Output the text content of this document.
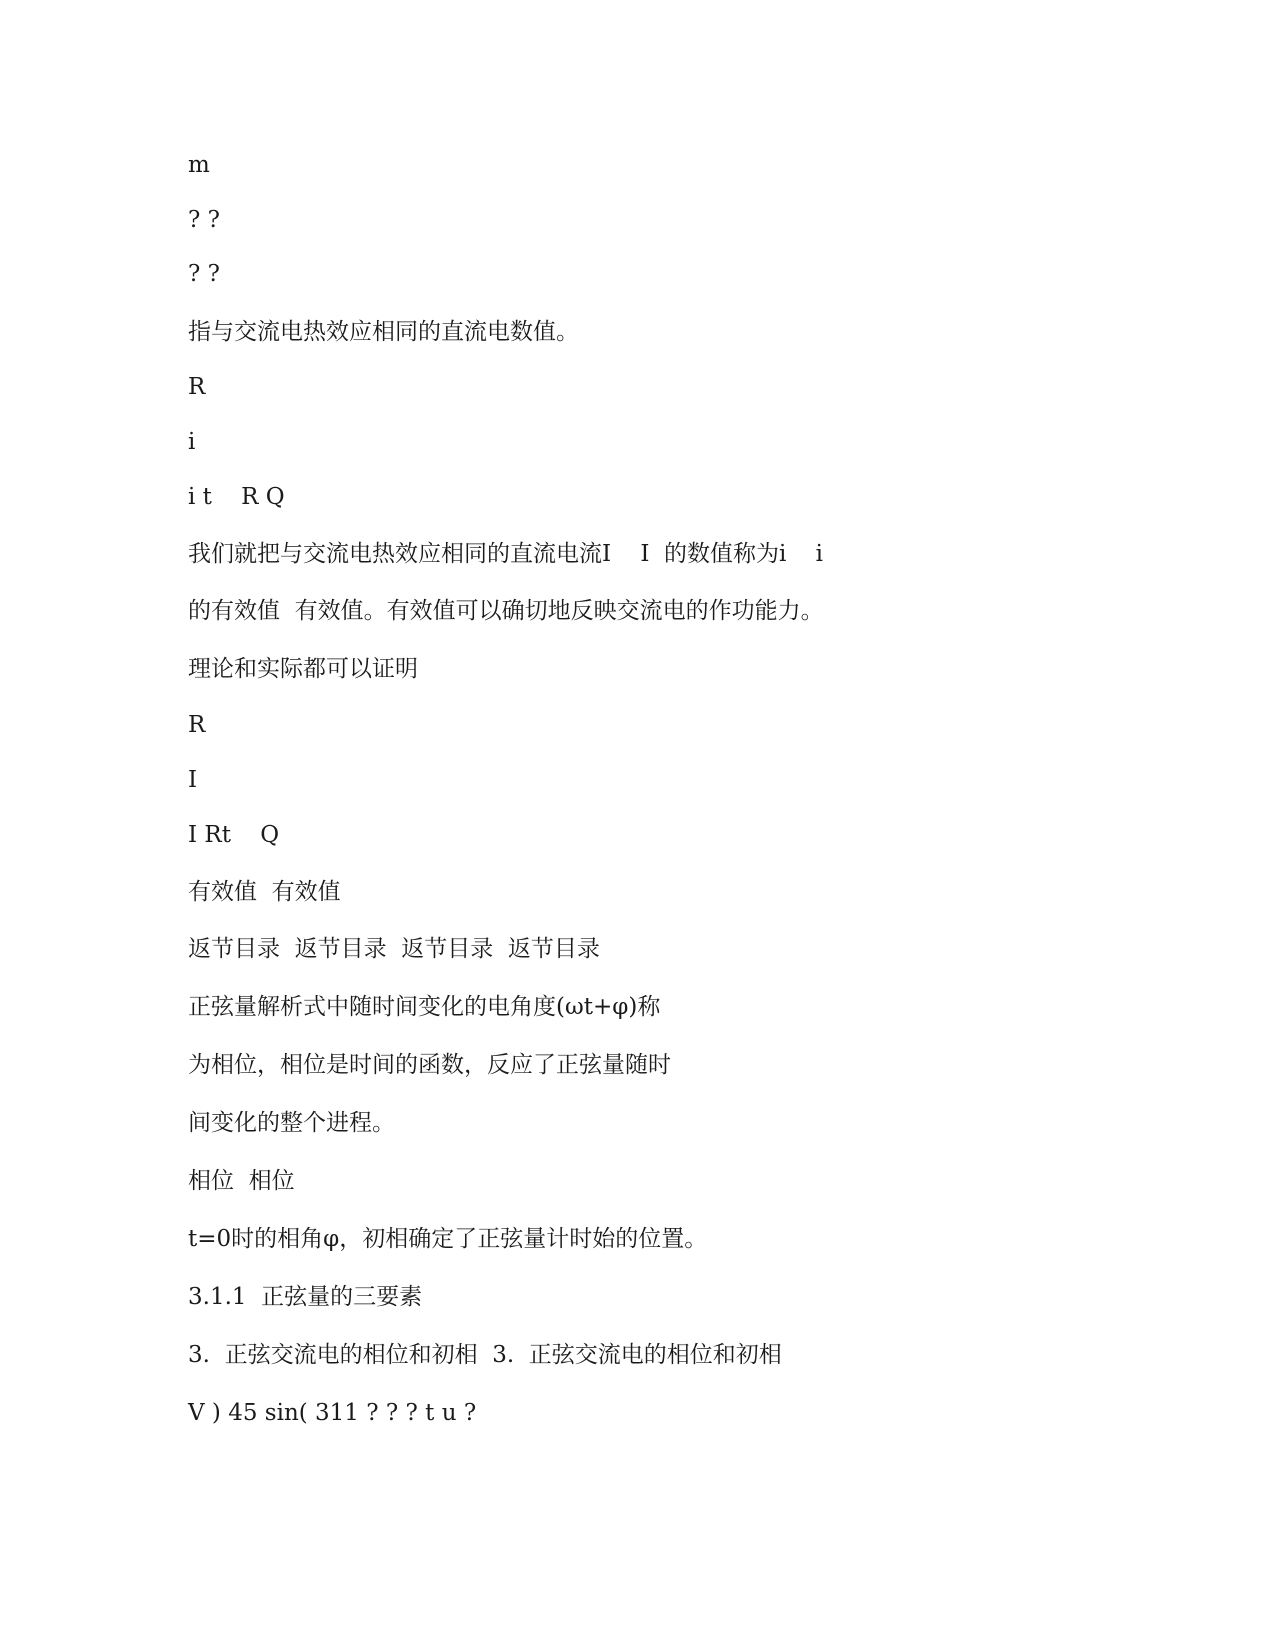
m

? ?

? ?

指与交流电热效应相同的直流电数值。

R

i

i t    R Q

我们就把与交流电热效应相同的直流电流I    I  的数值称为i    i

的有效值  有效值。有效值可以确切地反映交流电的作功能力。

理论和实际都可以证明

R

I

I Rt    Q

有效值  有效值

返节目录  返节目录  返节目录  返节目录

正弦量解析式中随时间变化的电角度(ωt+φ)称

为相位，相位是时间的函数，反应了正弦量随时

间变化的整个进程。

相位  相位

t=0时的相角φ，初相确定了正弦量计时始的位置。

3.1.1  正弦量的三要素

3.  正弦交流电的相位和初相  3.  正弦交流电的相位和初相

V ) 45 sin( 311 ? ? ? t u ?
